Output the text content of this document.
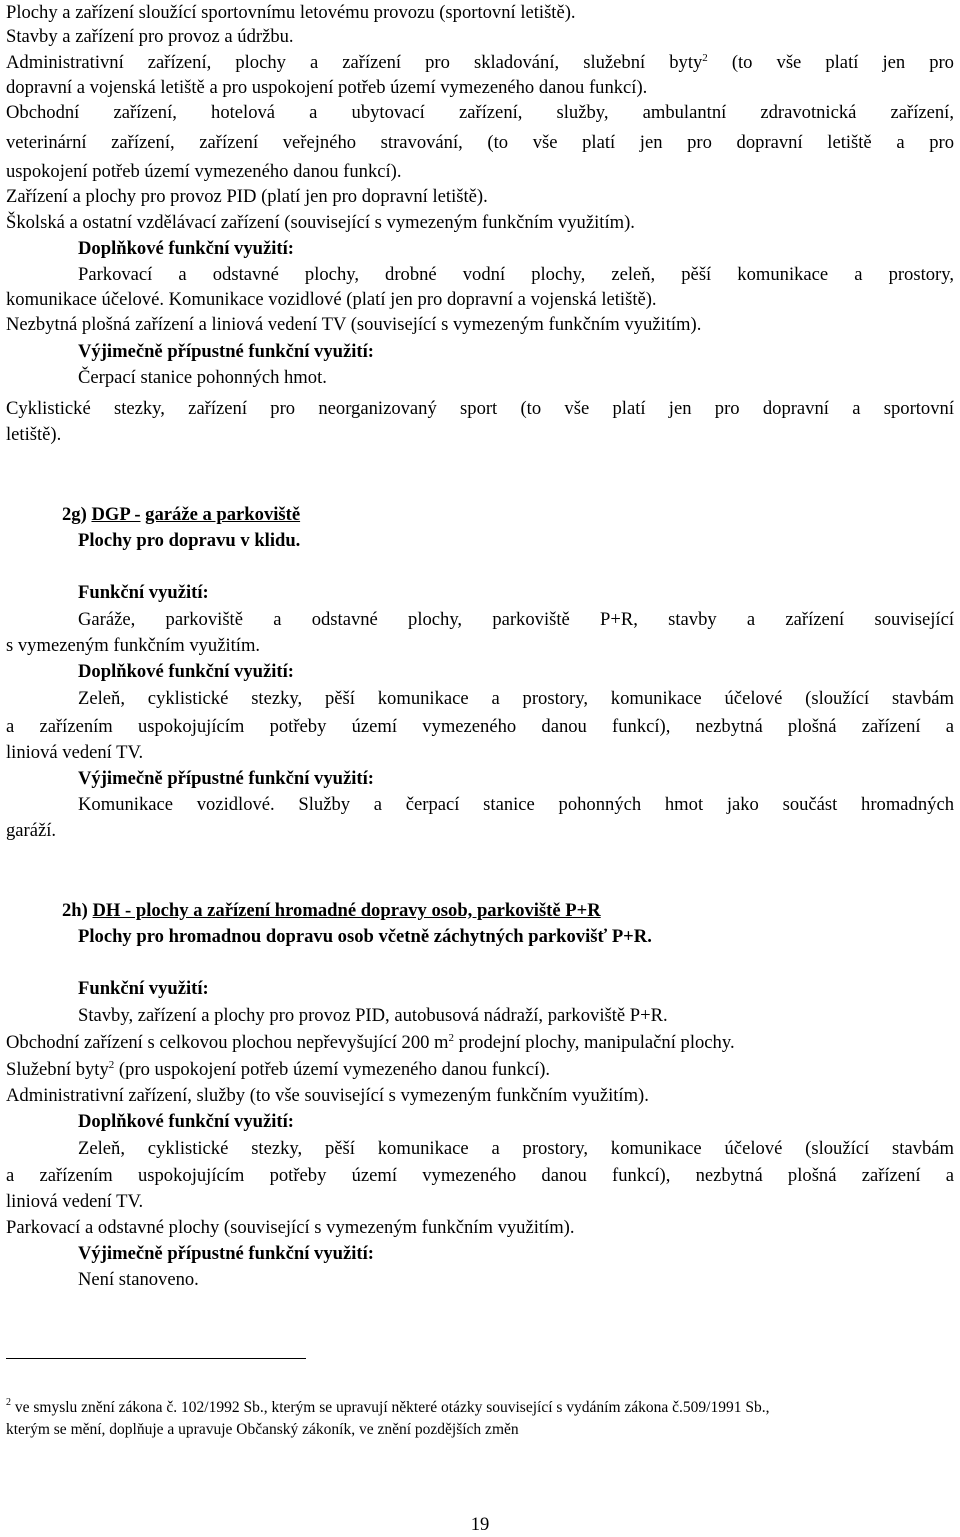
Plochy a zařízení sloužící sportovnímu letovému provozu (sportovní letiště).
Stavby a zařízení pro provoz a údržbu.
Administrativní zařízení, plochy a zařízení pro skladování, služební byty$^2$ (to vše platí jen pro
dopravní a vojenská letiště a pro uspokojení potřeb území vymezeného danou funkcí).
Obchodní zařízení, hotelová a ubytovací zařízení, služby, ambulantní zdravotnická zařízení,
veterinární zařízení, zařízení veřejného stravování, (to vše platí jen pro dopravní letiště a pro
uspokojení potřeb území vymezeného danou funkcí).
Zařízení a plochy pro provoz PID (platí jen pro dopravní letiště).
Školská a ostatní vzdělávací zařízení (související s vymezeným funkčním využitím).
Doplňkové funkční využití:
Parkovací a odstavné plochy, drobné vodní plochy, zeleň, pěší komunikace a prostory,
komunikace účelové. Komunikace vozidlové (platí jen pro dopravní a vojenská letiště).
Nezbytná plošná zařízení a liniová vedení TV (související s vymezeným funkčním využitím).
Výjimečně přípustné funkční využití:
Čerpací stanice pohonných hmot.
Cyklistické stezky, zařízení pro neorganizovaný sport (to vše platí jen pro dopravní a sportovní
letiště).
2g) DGP - garáže a parkoviště
Plochy pro dopravu v klidu.
Funkční využití:
Garáže, parkoviště a odstavné plochy, parkoviště P+R, stavby a zařízení související
s vymezeným funkčním využitím.
Doplňkové funkční využití:
Zeleň, cyklistické stezky, pěší komunikace a prostory, komunikace účelové (sloužící stavbám
a zařízením uspokojujícím potřeby území vymezeného danou funkcí), nezbytná plošná zařízení a
liniová vedení TV.
Výjimečně přípustné funkční využití:
Komunikace vozidlové. Služby a čerpací stanice pohonných hmot jako součást hromadných
garáží.
2h) DH - plochy a zařízení hromadné dopravy osob, parkoviště P+R
Plochy pro hromadnou dopravu osob včetně záchytných parkovišť P+R.
Funkční využití:
Stavby, zařízení a plochy pro provoz PID, autobusová nádraží, parkoviště P+R.
Obchodní zařízení s celkovou plochou nepřevyšující 200 $m^2$ prodejní plochy, manipulační plochy.
Služební byty$^2$ (pro uspokojení potřeb území vymezeného danou funkcí).
Administrativní zařízení, služby (to vše související s vymezeným funkčním využitím).
Doplňkové funkční využití:
Zeleň, cyklistické stezky, pěší komunikace a prostory, komunikace účelové (sloužící stavbám
a zařízením uspokojujícím potřeby území vymezeného danou funkcí), nezbytná plošná zařízení a
liniová vedení TV.
Parkovací a odstavné plochy (související s vymezeným funkčním využitím).
Výjimečně přípustné funkční využití:
Není stanoveno.
$^2$ ve smyslu znění zákona č. 102/1992 Sb., kterým se upravují některé otázky související s vydáním zákona č.509/1991 Sb.,
kterým se mění, doplňuje a upravuje Občanský zákoník, ve znění pozdějších změn
19
